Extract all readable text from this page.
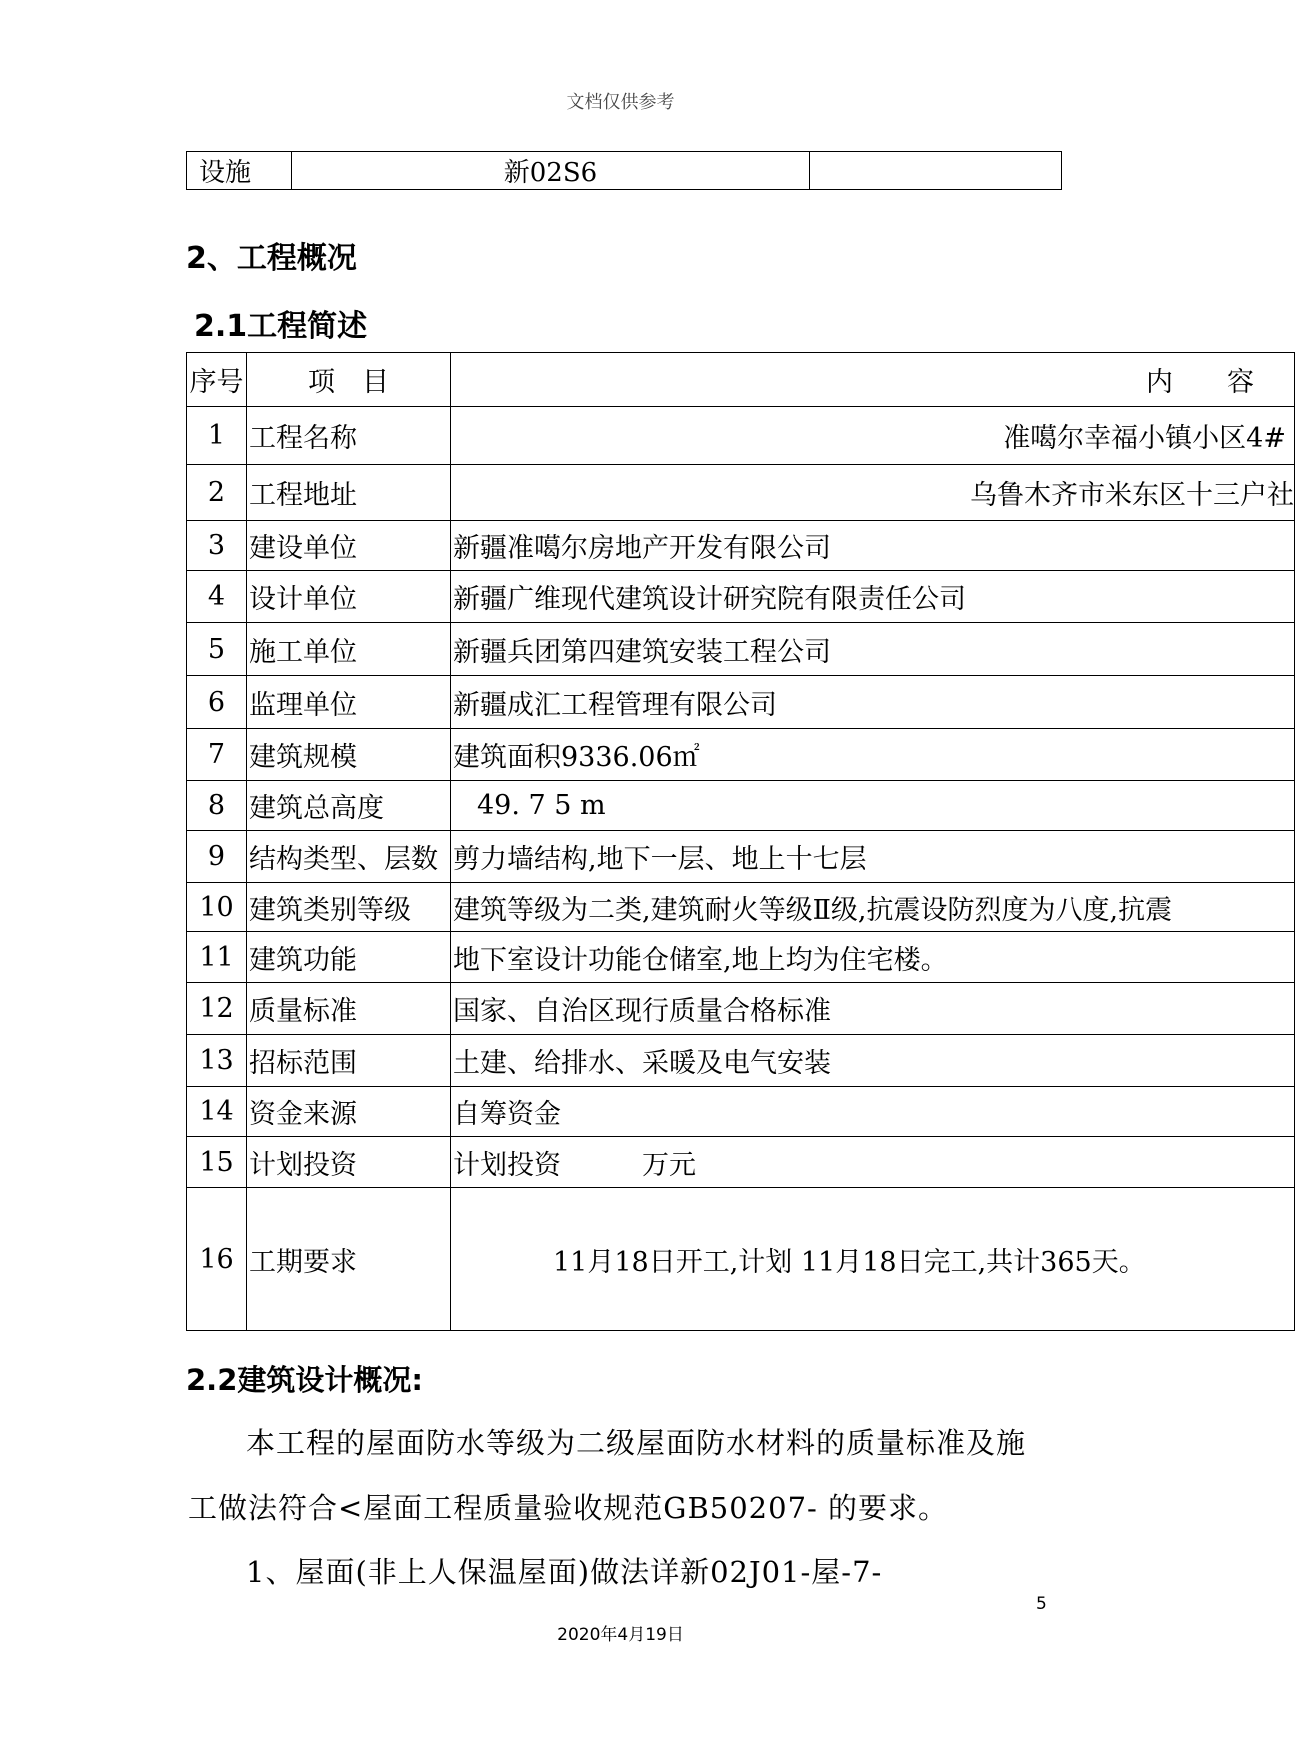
文档仅供参考
设施	新02S6	
2、工程概况
2.1工程简述
序号	项　目	内　　容
1	工程名称	准噶尔幸福小镇小区4#
2	工程地址	乌鲁木齐市米东区十三户社
3	建设单位	新疆准噶尔房地产开发有限公司
4	设计单位	新疆广维现代建筑设计研究院有限责任公司
5	施工单位	新疆兵团第四建筑安装工程公司
6	监理单位	新疆成汇工程管理有限公司
7	建筑规模	建筑面积9336.06㎡
8	建筑总高度	49. 7 5 m
9	结构类型、层数	剪力墙结构,地下一层、地上十七层
10	建筑类别等级	建筑等级为二类,建筑耐火等级Ⅱ级,抗震设防烈度为八度,抗震
11	建筑功能	地下室设计功能仓储室,地上均为住宅楼。
12	质量标准	国家、自治区现行质量合格标准
13	招标范围	土建、给排水、采暖及电气安装
14	资金来源	自筹资金
15	计划投资	计划投资　　　万元
16	工期要求	11月18日开工,计划 11月18日完工,共计365天。
2.2建筑设计概况:
本工程的屋面防水等级为二级屋面防水材料的质量标准及施
工做法符合<屋面工程质量验收规范GB50207- 的要求。
1、屋面(非上人保温屋面)做法详新02J01-屋-7-
5
2020年4月19日
